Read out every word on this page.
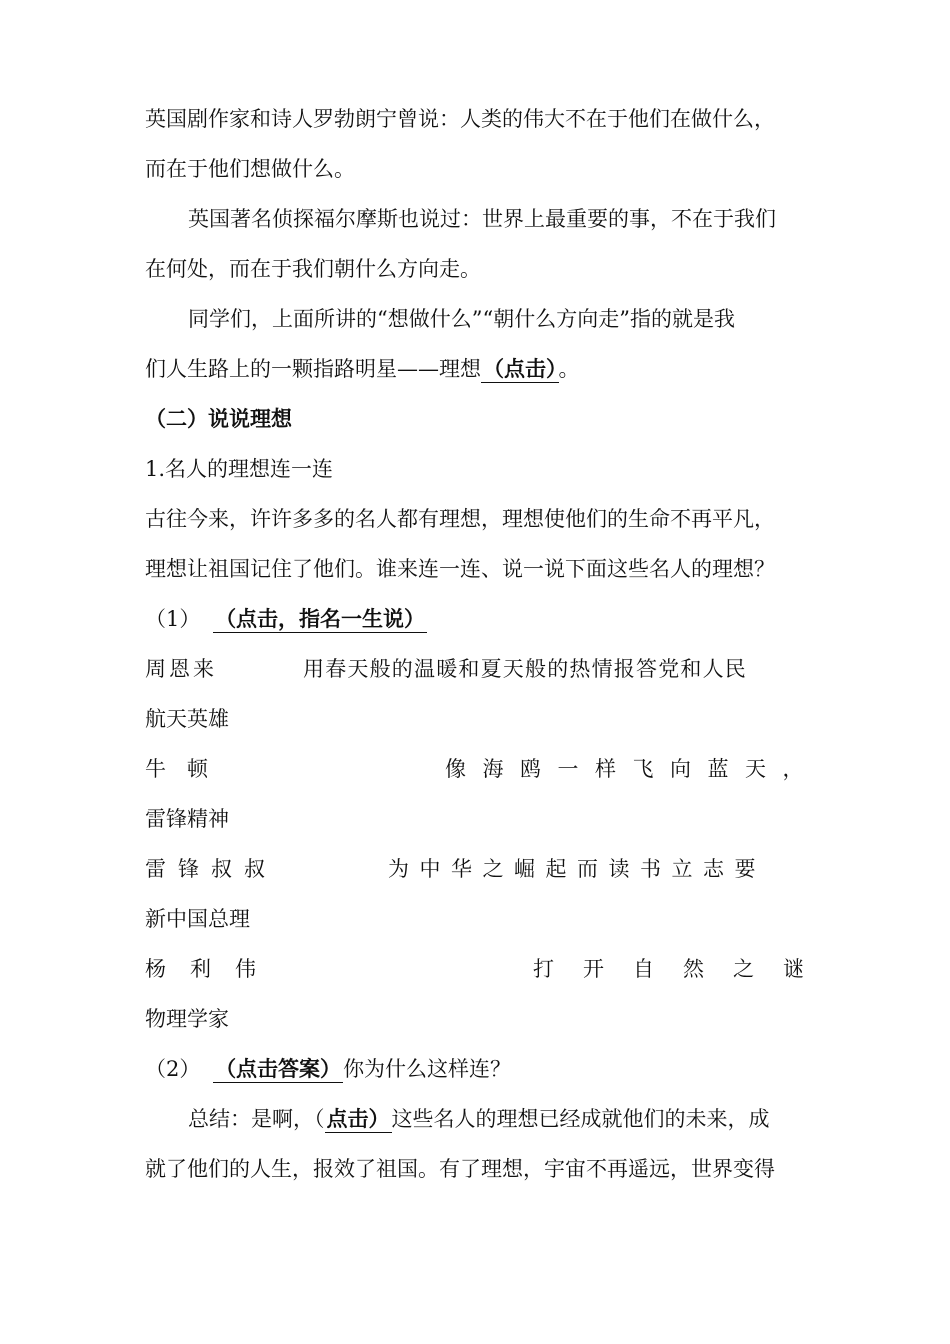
英国剧作家和诗人罗勃朗宁曾说：人类的伟大不在于他们在做什么，
而在于他们想做什么。
英国著名侦探福尔摩斯也说过：世界上最重要的事，不在于我们
在何处，而在于我们朝什么方向走。
同学们，上面所讲的“想做什么”“朝什么方向走”指的就是我
们人生路上的一颗指路明星——理想（点击）。
（二）说说理想
1.名人的理想连一连
古往今来，许许多多的名人都有理想，理想使他们的生命不再平凡，
理想让祖国记住了他们。谁来连一连、说一说下面这些名人的理想？
（1） （点击，指名一生说）
周恩来	用春天般的温暖和夏天般的热情报答党和人民
航天英雄
牛　顿	像海鸥一样飞向蓝天，
雷锋精神
雷锋叔叔	为中华之崛起而读书立志要
新中国总理
杨利伟	打开自然之谜
物理学家
（2） （点击答案）你为什么这样连？
总结：是啊，（点击）这些名人的理想已经成就他们的未来，成
就了他们的人生，报效了祖国。有了理想，宇宙不再遥远，世界变得
